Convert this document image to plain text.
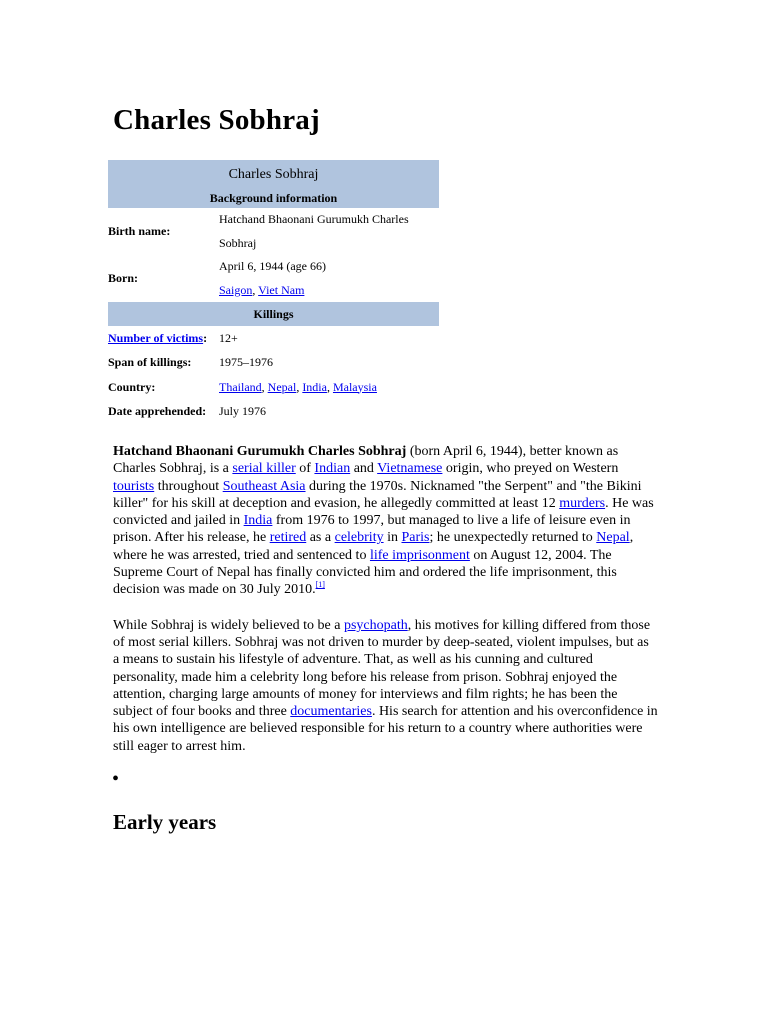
Charles Sobhraj
Charles Sobhraj	
Background information	
Birth name:	Hatchand Bhaonani Gurumukh Charles
Sobhraj
Born:	April 6, 1944 (age 66)
Saigon, Viet Nam
Killings	
Number of victims:	12+
Span of killings:	1975–1976
Country:	Thailand, Nepal, India, Malaysia
Date apprehended:	July 1976

Hatchand Bhaonani Gurumukh Charles Sobhraj (born April 6, 1944), better known as Charles Sobhraj, is a serial killer of Indian and Vietnamese origin, who preyed on Western tourists throughout Southeast Asia during the 1970s. Nicknamed "the Serpent" and "the Bikini killer" for his skill at deception and evasion, he allegedly committed at least 12 murders. He was convicted and jailed in India from 1976 to 1997, but managed to live a life of leisure even in prison. After his release, he retired as a celebrity in Paris; he unexpectedly returned to Nepal, where he was arrested, tried and sentenced to life imprisonment on August 12, 2004. The Supreme Court of Nepal has finally convicted him and ordered the life imprisonment, this decision was made on 30 July 2010.[1]

While Sobhraj is widely believed to be a psychopath, his motives for killing differed from those of most serial killers. Sobhraj was not driven to murder by deep-seated, violent impulses, but as a means to sustain his lifestyle of adventure. That, as well as his cunning and cultured personality, made him a celebrity long before his release from prison. Sobhraj enjoyed the attention, charging large amounts of money for interviews and film rights; he has been the subject of four books and three documentaries. His search for attention and his overconfidence in his own intelligence are believed responsible for his return to a country where authorities were still eager to arrest him.

•
Early years
